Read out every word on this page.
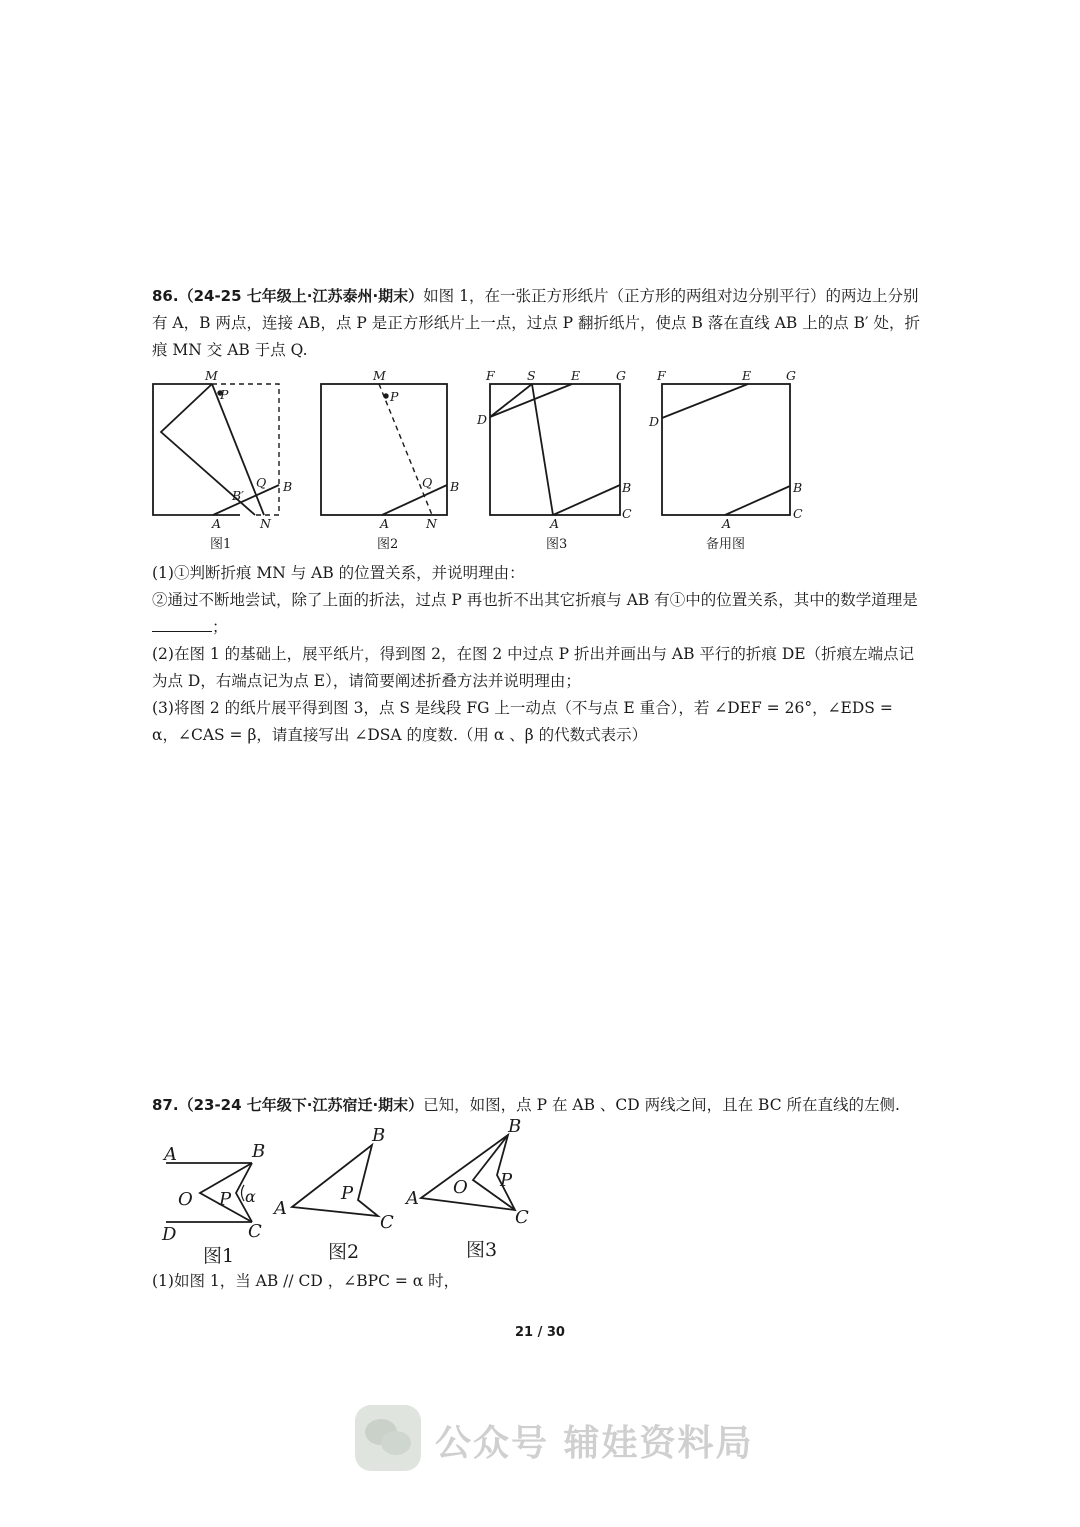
86.（24-25 七年级上·江苏泰州·期末）如图 1，在一张正方形纸片（正方形的两组对边分别平行）的两边上分别有 A，B 两点，连接 AB，点 P 是正方形纸片上一点，过点 P 翻折纸片，使点 B 落在直线 AB 上的点 B′ 处，折痕 MN 交 AB 于点 Q.

M
P
Q B
B′
A	N
M
P
Q B
A	N
F	S	E	G
D
B
C
A
F	E	G
D
B
C
A
图1	图2	图3	备用图
A	B
O P α
D	C
B
P
A
C
B
O P
A
C
图1	图2	图3

(1)①判断折痕 MN 与 AB 的位置关系，并说明理由：

②通过不断地尝试，除了上面的折法，过点 P 再也折不出其它折痕与 AB 有①中的位置关系，其中的数学道理是；

(2)在图 1 的基础上，展平纸片，得到图 2，在图 2 中过点 P 折出并画出与 AB 平行的折痕 DE（折痕左端点记为点 D，右端点记为点 E），请简要阐述折叠方法并说明理由；

(3)将图 2 的纸片展平得到图 3，点 S 是线段 FG 上一动点（不与点 E 重合），若 ∠DEF = 26°，∠EDS = α，∠CAS = β，请直接写出 ∠DSA 的度数.（用 α 、β 的代数式表示）

87.（23-24 七年级下·江苏宿迁·期末）已知，如图，点 P 在 AB 、CD 两线之间，且在 BC 所在直线的左侧.

(1)如图 1，当 AB // CD ，∠BPC = α 时，

21 / 30
公众号 辅娃资料局
